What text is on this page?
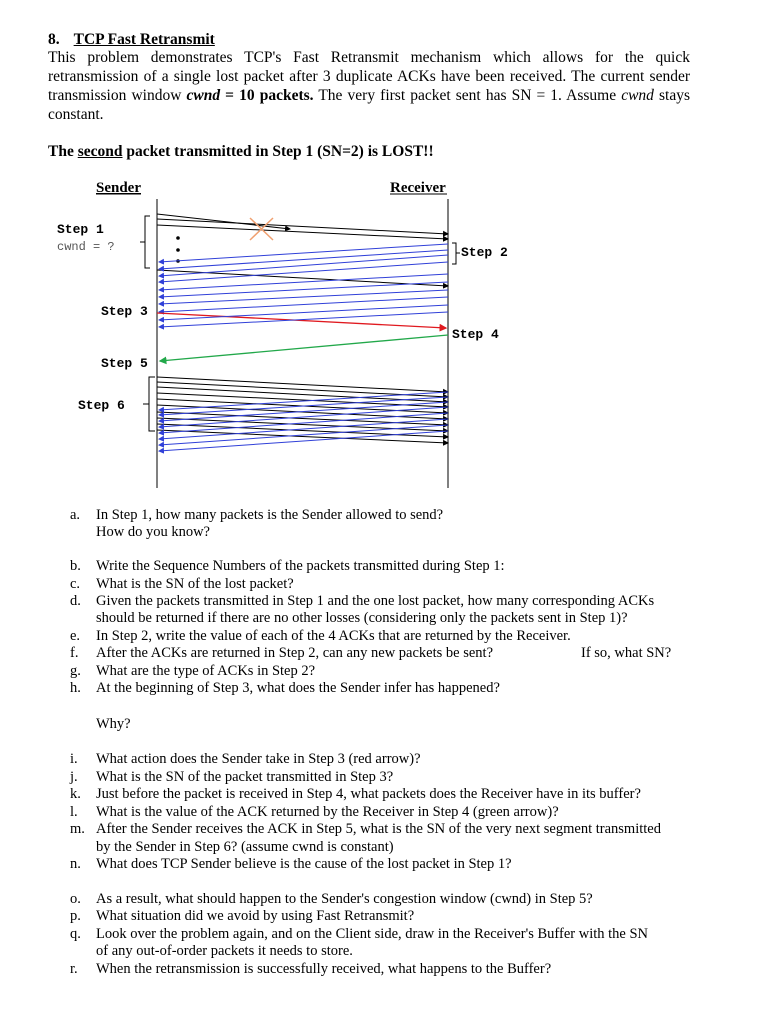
8. TCP Fast Retransmit
This problem demonstrates TCP's Fast Retransmit mechanism which allows for the quick retransmission of a single lost packet after 3 duplicate ACKs have been received. The current sender transmission window cwnd = 10 packets. The very first packet sent has SN = 1. Assume cwnd stays constant.
The second packet transmitted in Step 1 (SN=2) is LOST!!
Sender	Receiver
Step 1
cwnd = ?	Step 2
Step 3
Step 4
Step 5
Step 6
a.	In Step 1, how many packets is the Sender allowed to send?
How do you know?
b.	Write the Sequence Numbers of the packets transmitted during Step 1:
c.	What is the SN of the lost packet?
d.	Given the packets transmitted in Step 1 and the one lost packet, how many corresponding ACKs
should be returned if there are no other losses (considering only the packets sent in Step 1)?
e.	In Step 2, write the value of each of the 4 ACKs that are returned by the Receiver.
f.	After the ACKs are returned in Step 2, can any new packets be sent?	If so, what SN?
g.	What are the type of ACKs in Step 2?
h.	At the beginning of Step 3, what does the Sender infer has happened?
Why?
i.	What action does the Sender take in Step 3 (red arrow)?
j.	What is the SN of the packet transmitted in Step 3?
k.	Just before the packet is received in Step 4, what packets does the Receiver have in its buffer?
l.	What is the value of the ACK returned by the Receiver in Step 4 (green arrow)?
m. After the Sender receives the ACK in Step 5, what is the SN of the very next segment transmitted
by the Sender in Step 6? (assume cwnd is constant)
n.	What does TCP Sender believe is the cause of the lost packet in Step 1?
o.	As a result, what should happen to the Sender's congestion window (cwnd) in Step 5?
p.	What situation did we avoid by using Fast Retransmit?
q.	Look over the problem again, and on the Client side, draw in the Receiver's Buffer with the SN
of any out-of-order packets it needs to store.
r.	When the retransmission is successfully received, what happens to the Buffer?
